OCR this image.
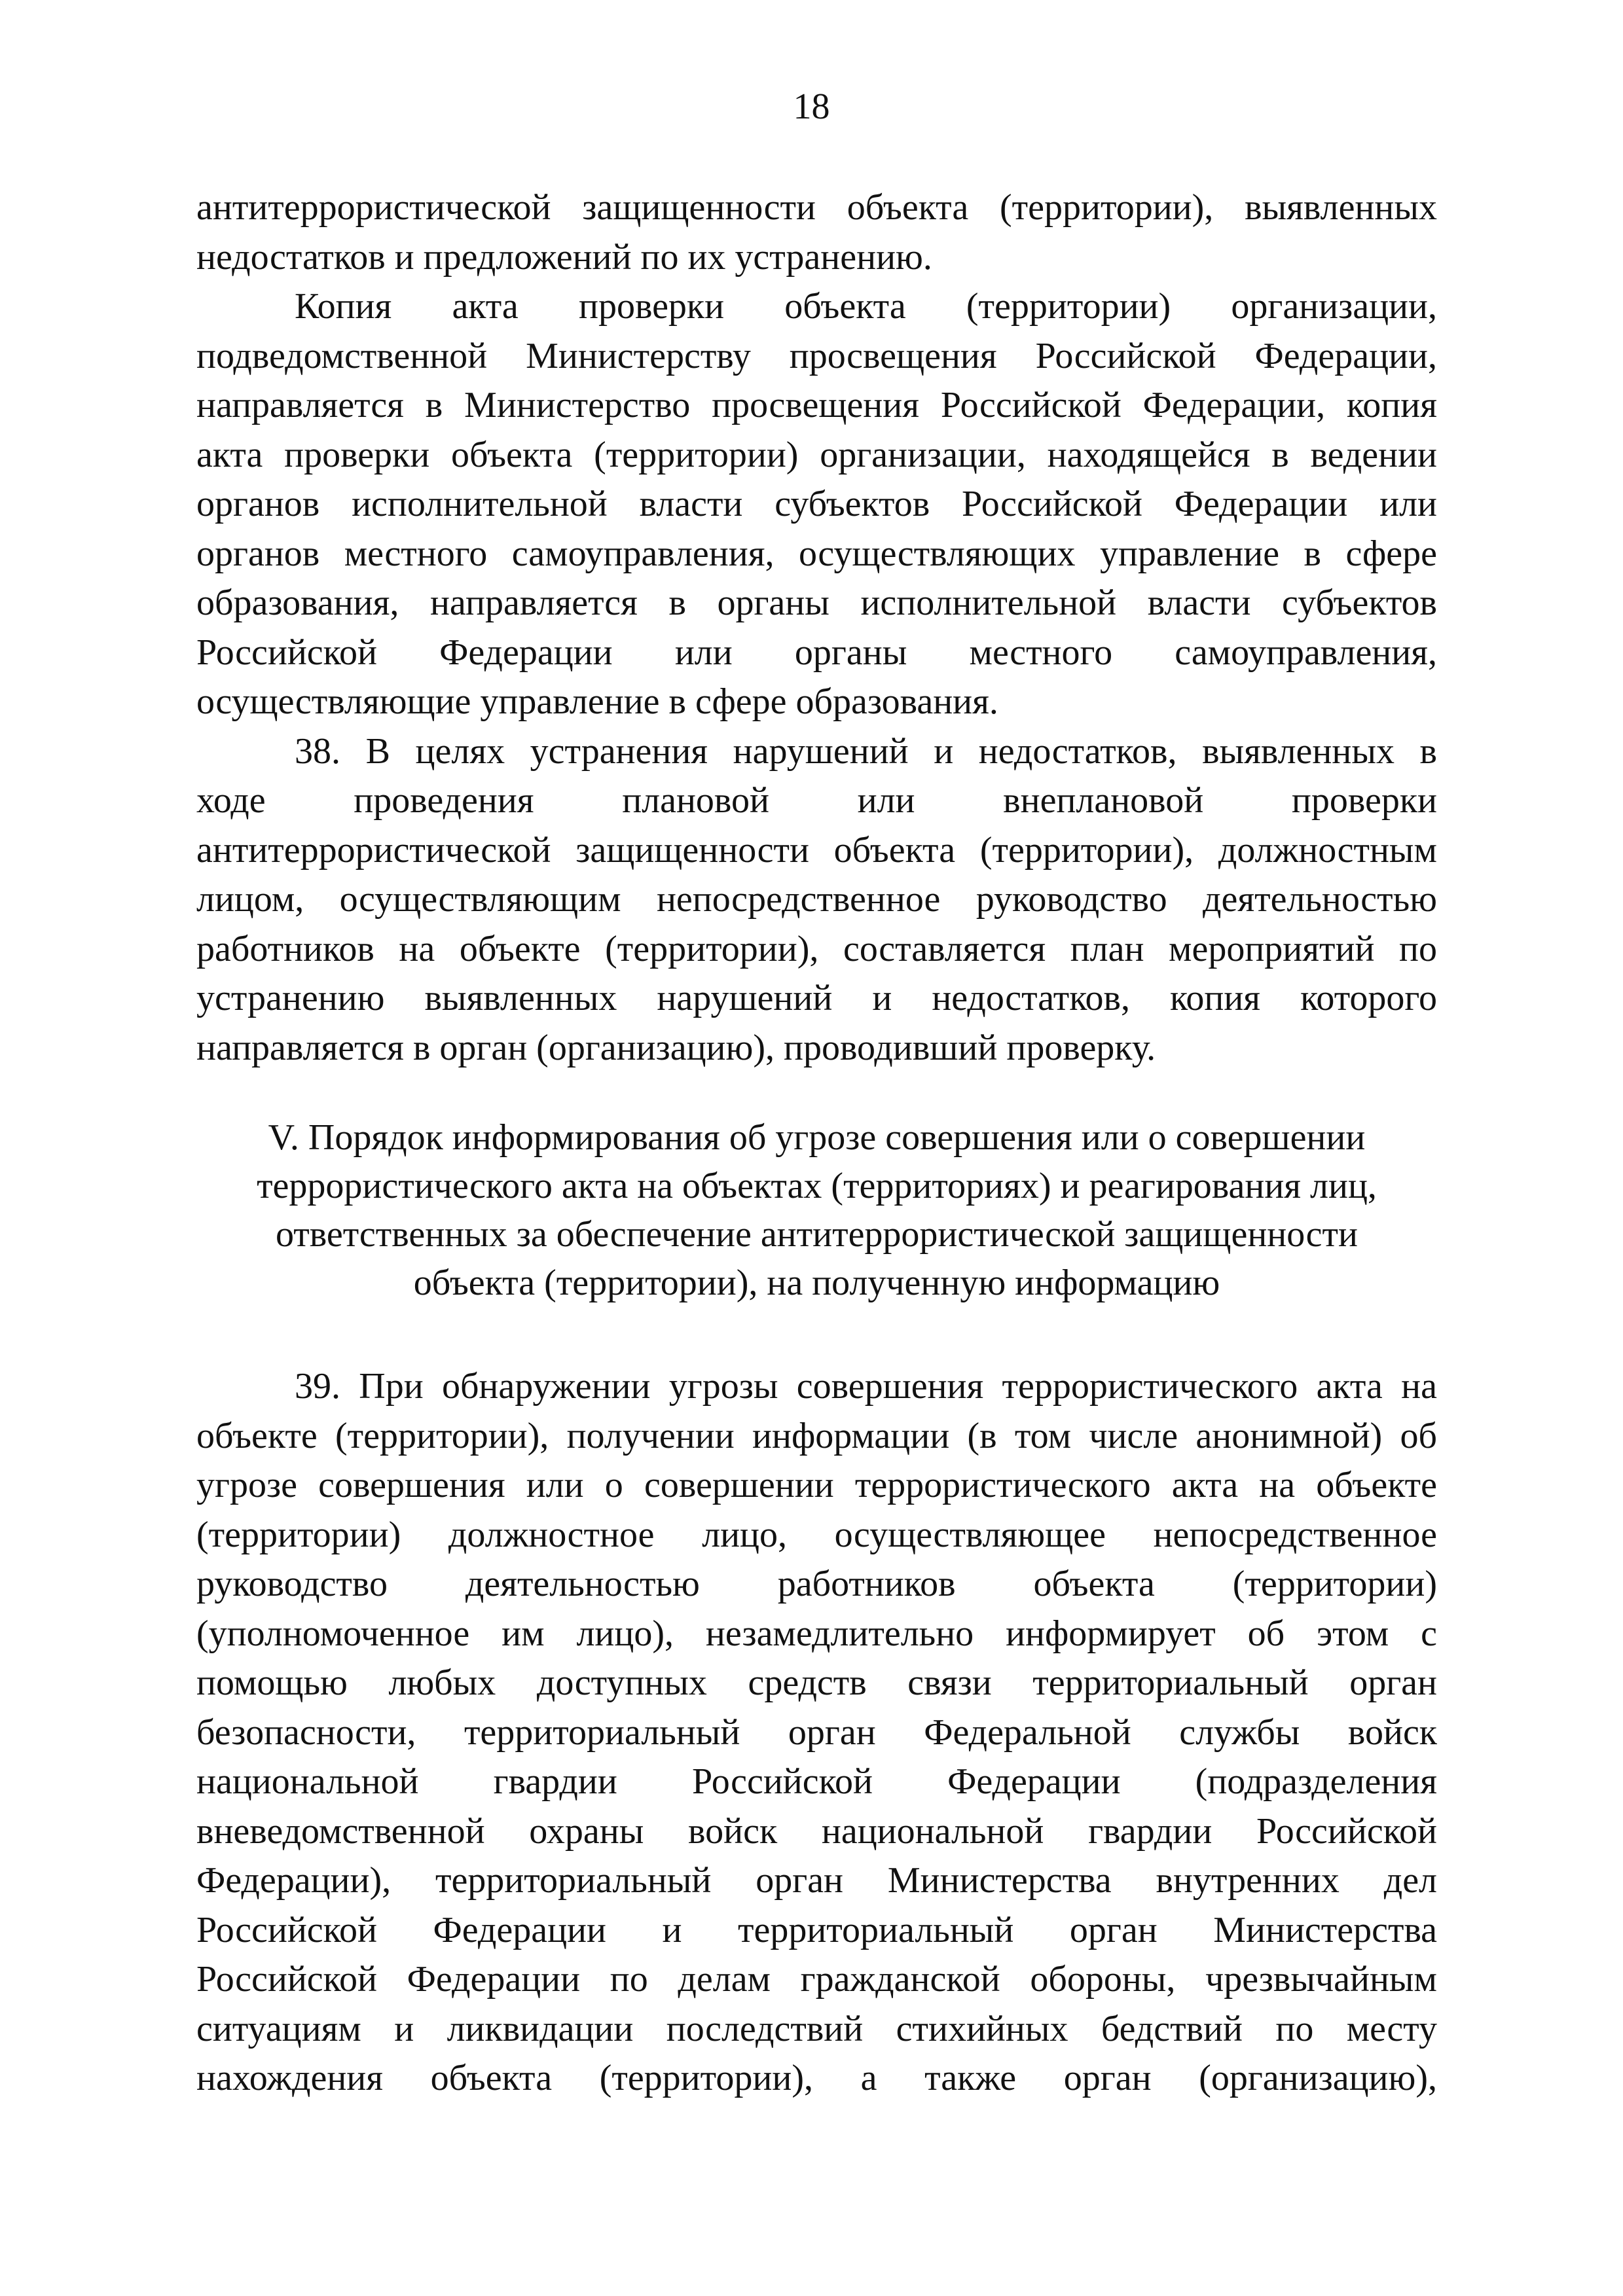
18
антитеррористической защищенности объекта (территории), выявленных
недостатков и предложений по их устранению.
Копия акта проверки объекта (территории) организации,
подведомственной Министерству просвещения Российской Федерации,
направляется в Министерство просвещения Российской Федерации, копия
акта проверки объекта (территории) организации, находящейся в ведении
органов исполнительной власти субъектов Российской Федерации или
органов местного самоуправления, осуществляющих управление в сфере
образования, направляется в органы исполнительной власти субъектов
Российской Федерации или органы местного самоуправления,
осуществляющие управление в сфере образования.
38. В целях устранения нарушений и недостатков, выявленных в
ходе проведения плановой или внеплановой проверки
антитеррористической защищенности объекта (территории), должностным
лицом, осуществляющим непосредственное руководство деятельностью
работников на объекте (территории), составляется план мероприятий по
устранению выявленных нарушений и недостатков, копия которого
направляется в орган (организацию), проводивший проверку.
V. Порядок информирования об угрозе совершения или о совершении
террористического акта на объектах (территориях) и реагирования лиц,
ответственных за обеспечение антитеррористической защищенности
объекта (территории), на полученную информацию
39. При обнаружении угрозы совершения террористического акта на
объекте (территории), получении информации (в том числе анонимной) об
угрозе совершения или о совершении террористического акта на объекте
(территории) должностное лицо, осуществляющее непосредственное
руководство деятельностью работников объекта (территории)
(уполномоченное им лицо), незамедлительно информирует об этом с
помощью любых доступных средств связи территориальный орган
безопасности, территориальный орган Федеральной службы войск
национальной гвардии Российской Федерации (подразделения
вневедомственной охраны войск национальной гвардии Российской
Федерации), территориальный орган Министерства внутренних дел
Российской Федерации и территориальный орган Министерства
Российской Федерации по делам гражданской обороны, чрезвычайным
ситуациям и ликвидации последствий стихийных бедствий по месту
нахождения объекта (территории), а также орган (организацию),
